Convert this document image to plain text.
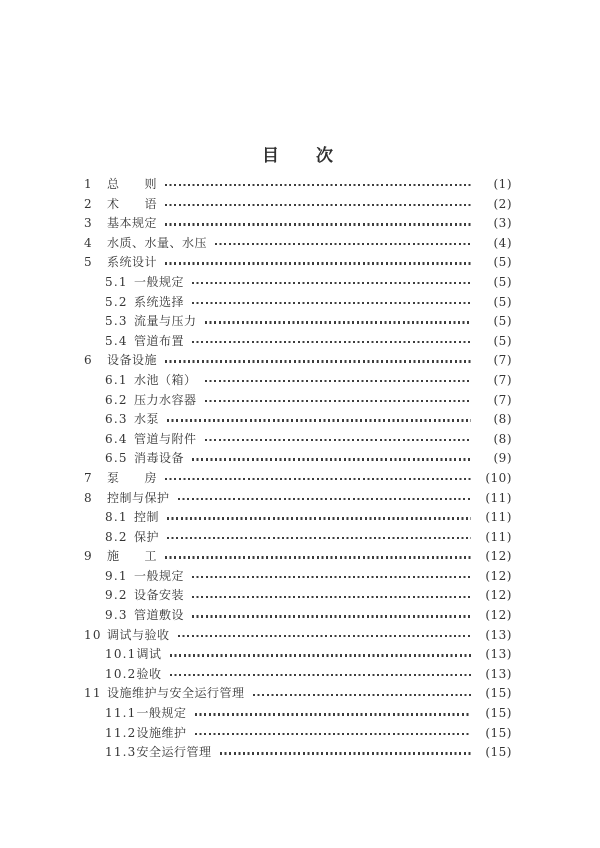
目　　次
1	总　　则	(1)
2	术　　语	(2)
3	基本规定	(3)
4	水质、水量、水压	(4)
5	系统设计	(5)
5.1 一般规定	(5)
5.2 系统选择	(5)
5.3 流量与压力	(5)
5.4 管道布置	(5)
6	设备设施	(7)
6.1 水池（箱）	(7)
6.2 压力水容器	(7)
6.3 水泵	(8)
6.4 管道与附件	(8)
6.5 消毒设备	(9)
7	泵　　房	(10)
8	控制与保护	(11)
8.1 控制	(11)
8.2 保护	(11)
9	施　　工	(12)
9.1 一般规定	(12)
9.2 设备安装	(12)
9.3 管道敷设	(12)
10 调试与验收	(13)
10.1 调试	(13)
10.2 验收	(13)
11 设施维护与安全运行管理	(15)
11.1 一般规定	(15)
11.2 设施维护	(15)
11.3 安全运行管理	(15)
